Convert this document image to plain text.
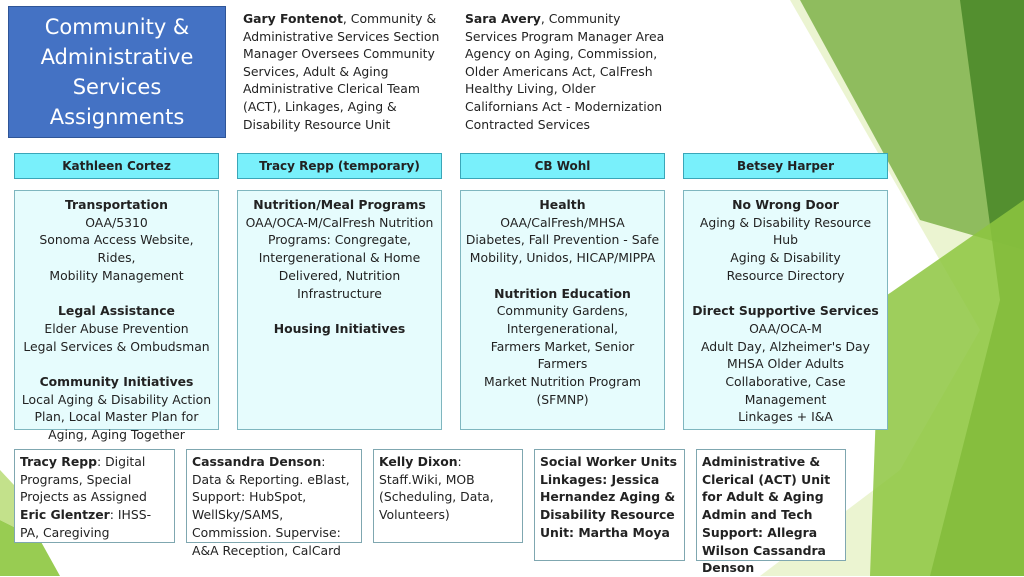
Community & Administrative Services Assignments
Gary Fontenot, Community & Administrative Services Section Manager Oversees Community Services, Adult & Aging Administrative Clerical Team (ACT), Linkages, Aging & Disability Resource Unit
Sara Avery, Community Services Program Manager Area Agency on Aging, Commission, Older Americans Act, CalFresh Healthy Living, Older Californians Act - Modernization Contracted Services
Kathleen Cortez	Tracy Repp (temporary)	CB Wohl	Betsey Harper
Transportation
OAA/5310
Sonoma Access Website, Rides,
Mobility Management
Legal Assistance
Elder Abuse Prevention
Legal Services & Ombudsman
Community Initiatives
Local Aging & Disability Action
Plan, Local Master Plan for
Aging, Aging Together
Nutrition/Meal Programs
OAA/OCA-M/CalFresh Nutrition
Programs: Congregate,
Intergenerational & Home
Delivered, Nutrition
Infrastructure
Housing Initiatives
Health
OAA/CalFresh/MHSA
Diabetes, Fall Prevention - Safe
Mobility, Unidos, HICAP/MIPPA
Nutrition Education
Community Gardens,
Intergenerational,
Farmers Market, Senior Farmers
Market Nutrition Program
(SFMNP)
No Wrong Door
Aging & Disability Resource Hub
Aging & Disability
Resource Directory
Direct Supportive Services
OAA/OCA-M
Adult Day, Alzheimer's Day
MHSA Older Adults
Collaborative, Case
Management
Linkages + I&A
Tracy Repp: Digital Programs, Special Projects as Assigned Eric Glentzer: IHSS-PA, Caregiving
Cassandra Denson: Data & Reporting. eBlast, Support: HubSpot, WellSky/SAMS, Commission. Supervise: A&A Reception, CalCard
Kelly Dixon: Staff.Wiki, MOB (Scheduling, Data, Volunteers)
Social Worker Units Linkages: Jessica Hernandez Aging & Disability Resource Unit: Martha Moya
Administrative & Clerical (ACT) Unit for Adult & Aging Admin and Tech Support: Allegra Wilson Cassandra Denson
